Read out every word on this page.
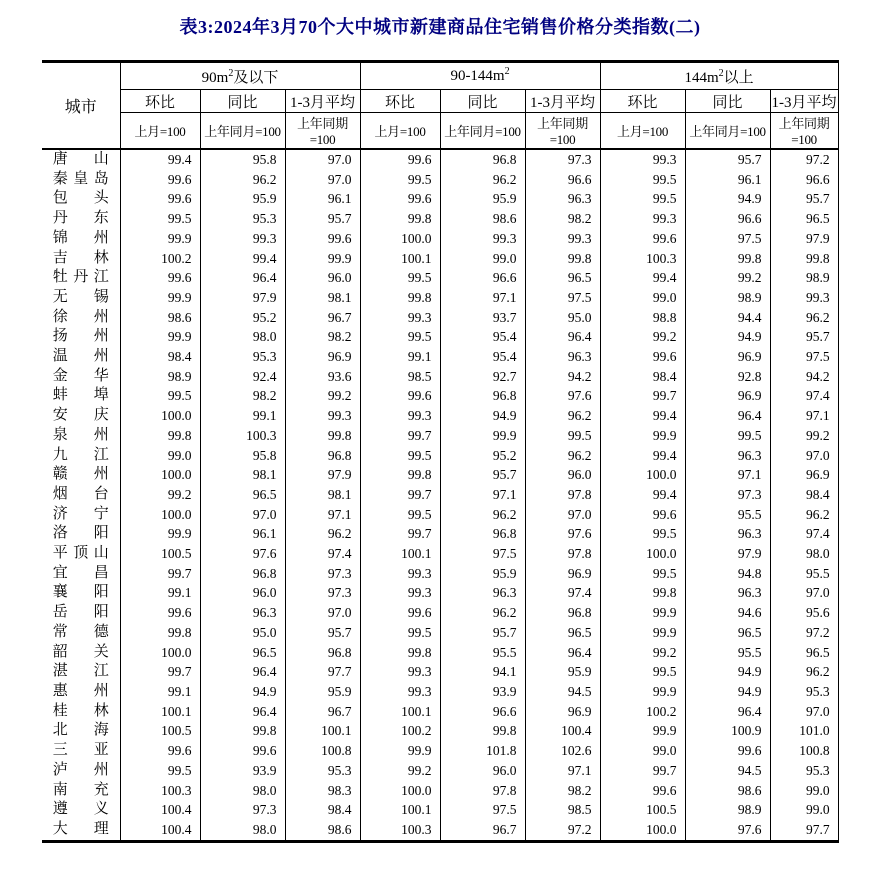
表3:2024年3月70个大中城市新建商品住宅销售价格分类指数(二)
城市	$90m^2$及以下			$90-144m^2$			$144m^2$以上		
	环比	同比	1-3月平均	环比	同比	1-3月平均	环比	同比	1-3月平均
	上月=100	上年同月=100	上年同期=100	上月=100	上年同月=100	上年同期=100	上月=100	上年同月=100	上年同期=100

唐山	99.4	95.8	97.0	99.6	96.8	97.3	99.3	95.7	97.2

秦皇岛	99.6	96.2	97.0	99.5	96.2	96.6	99.5	96.1	96.6

包头	99.6	95.9	96.1	99.6	95.9	96.3	99.5	94.9	95.7

丹东	99.5	95.3	95.7	99.8	98.6	98.2	99.3	96.6	96.5

锦州	99.9	99.3	99.6	100.0	99.3	99.3	99.6	97.5	97.9

吉林	100.2	99.4	99.9	100.1	99.0	99.8	100.3	99.8	99.8

牡丹江	99.6	96.4	96.0	99.5	96.6	96.5	99.4	99.2	98.9

无锡	99.9	97.9	98.1	99.8	97.1	97.5	99.0	98.9	99.3

徐州	98.6	95.2	96.7	99.3	93.7	95.0	98.8	94.4	96.2

扬州	99.9	98.0	98.2	99.5	95.4	96.4	99.2	94.9	95.7

温州	98.4	95.3	96.9	99.1	95.4	96.3	99.6	96.9	97.5

金华	98.9	92.4	93.6	98.5	92.7	94.2	98.4	92.8	94.2

蚌埠	99.5	98.2	99.2	99.6	96.8	97.6	99.7	96.9	97.4

安庆	100.0	99.1	99.3	99.3	94.9	96.2	99.4	96.4	97.1

泉州	99.8	100.3	99.8	99.7	99.9	99.5	99.9	99.5	99.2

九江	99.0	95.8	96.8	99.5	95.2	96.2	99.4	96.3	97.0

赣州	100.0	98.1	97.9	99.8	95.7	96.0	100.0	97.1	96.9

烟台	99.2	96.5	98.1	99.7	97.1	97.8	99.4	97.3	98.4

济宁	100.0	97.0	97.1	99.5	96.2	97.0	99.6	95.5	96.2

洛阳	99.9	96.1	96.2	99.7	96.8	97.6	99.5	96.3	97.4

平顶山	100.5	97.6	97.4	100.1	97.5	97.8	100.0	97.9	98.0

宜昌	99.7	96.8	97.3	99.3	95.9	96.9	99.5	94.8	95.5

襄阳	99.1	96.0	97.3	99.3	96.3	97.4	99.8	96.3	97.0

岳阳	99.6	96.3	97.0	99.6	96.2	96.8	99.9	94.6	95.6

常德	99.8	95.0	95.7	99.5	95.7	96.5	99.9	96.5	97.2

韶关	100.0	96.5	96.8	99.8	95.5	96.4	99.2	95.5	96.5

湛江	99.7	96.4	97.7	99.3	94.1	95.9	99.5	94.9	96.2

惠州	99.1	94.9	95.9	99.3	93.9	94.5	99.9	94.9	95.3

桂林	100.1	96.4	96.7	100.1	96.6	96.9	100.2	96.4	97.0

北海	100.5	99.8	100.1	100.2	99.8	100.4	99.9	100.9	101.0

三亚	99.6	99.6	100.8	99.9	101.8	102.6	99.0	99.6	100.8

泸州	99.5	93.9	95.3	99.2	96.0	97.1	99.7	94.5	95.3

南充	100.3	98.0	98.3	100.0	97.8	98.2	99.6	98.6	99.0

遵义	100.4	97.3	98.4	100.1	97.5	98.5	100.5	98.9	99.0

大理	100.4	98.0	98.6	100.3	96.7	97.2	100.0	97.6	97.7
